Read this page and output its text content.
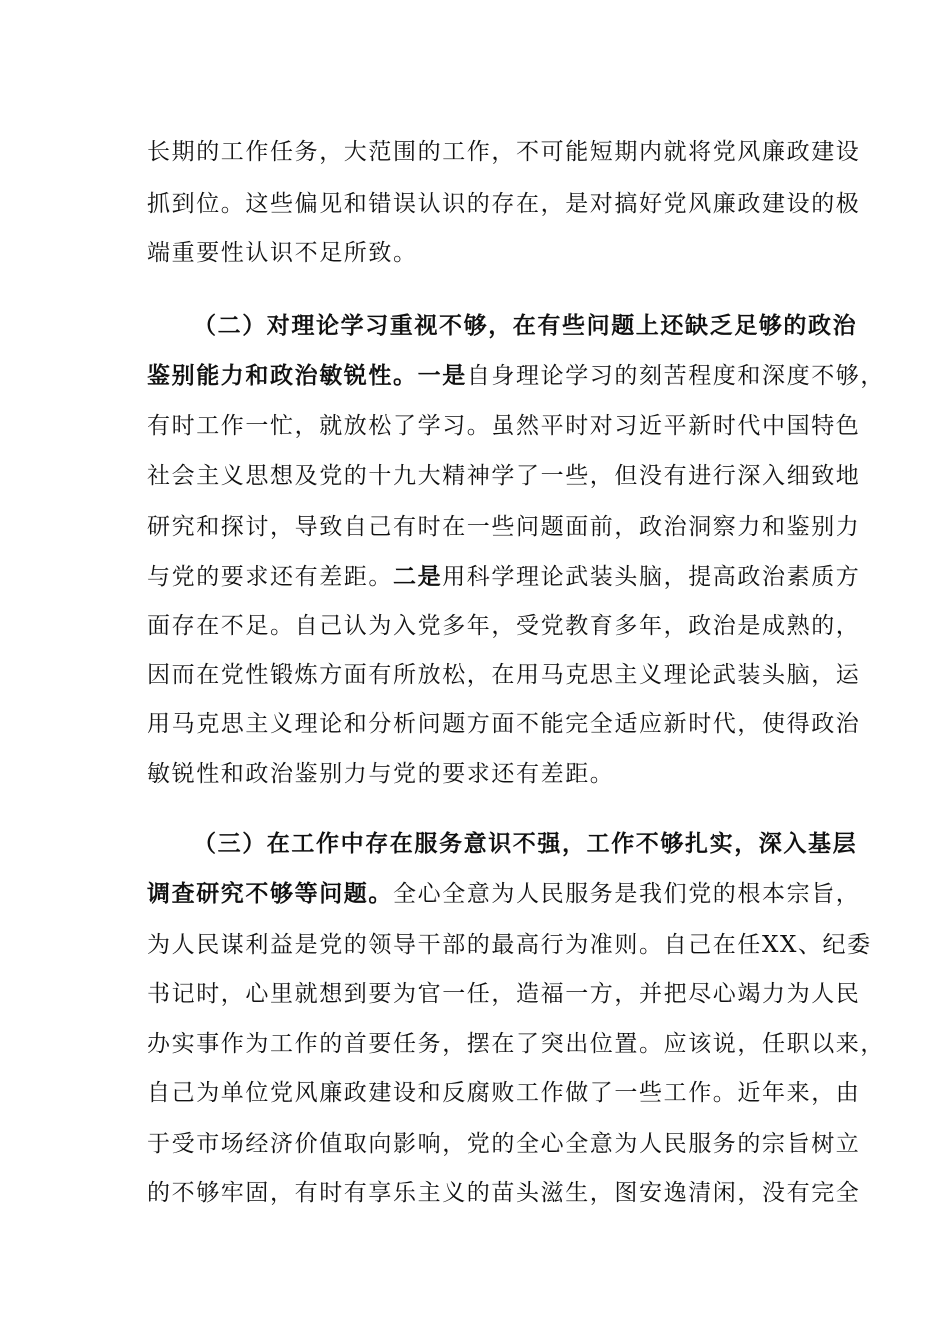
长期的工作任务，大范围的工作，不可能短期内就将党风廉政建设
抓到位。这些偏见和错误认识的存在，是对搞好党风廉政建设的极
端重要性认识不足所致。
（二）对理论学习重视不够，在有些问题上还缺乏足够的政治
鉴别能力和政治敏锐性。一是自身理论学习的刻苦程度和深度不够，
有时工作一忙，就放松了学习。虽然平时对习近平新时代中国特色
社会主义思想及党的十九大精神学了一些，但没有进行深入细致地
研究和探讨，导致自己有时在一些问题面前，政治洞察力和鉴别力
与党的要求还有差距。二是用科学理论武装头脑，提高政治素质方
面存在不足。自己认为入党多年，受党教育多年，政治是成熟的，
因而在党性锻炼方面有所放松，在用马克思主义理论武装头脑，运
用马克思主义理论和分析问题方面不能完全适应新时代，使得政治
敏锐性和政治鉴别力与党的要求还有差距。
（三）在工作中存在服务意识不强，工作不够扎实，深入基层
调查研究不够等问题。全心全意为人民服务是我们党的根本宗旨，
为人民谋利益是党的领导干部的最高行为准则。自己在任XX、纪委
书记时，心里就想到要为官一任，造福一方，并把尽心竭力为人民
办实事作为工作的首要任务，摆在了突出位置。应该说，任职以来，
自己为单位党风廉政建设和反腐败工作做了一些工作。近年来，由
于受市场经济价值取向影响，党的全心全意为人民服务的宗旨树立
的不够牢固，有时有享乐主义的苗头滋生，图安逸清闲，没有完全
